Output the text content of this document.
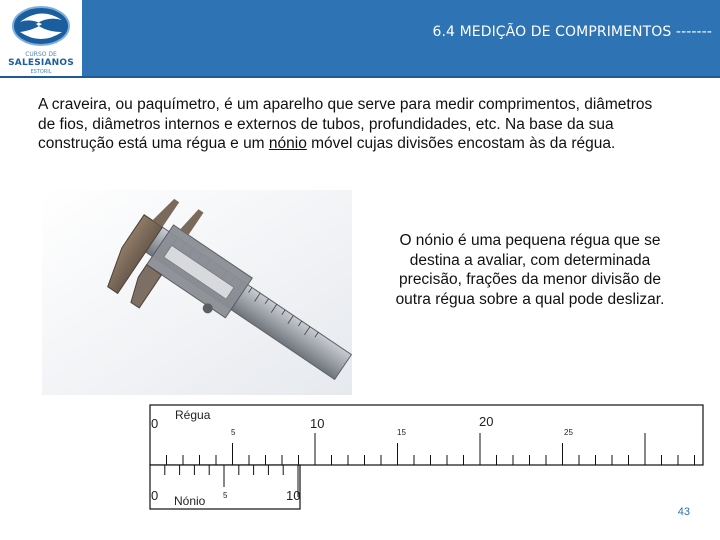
CURSO DE
SALESIANOS
ESTORIL
6.4 MEDIÇÃO DE COMPRIMENTOS -------
A craveira, ou paquímetro, é um aparelho que serve para medir comprimentos, diâmetros de fios, diâmetros internos e externos de tubos, profundidades, etc. Na base da sua construção está uma régua e um nónio móvel cujas divisões encostam às da régua.
O nónio é uma pequena régua que se destina a avaliar, com determinada precisão, frações da menor divisão de outra régua sobre a qual pode deslizar.
Régua
0	10	20
5	15	25
0 Nónio 5	10
43
